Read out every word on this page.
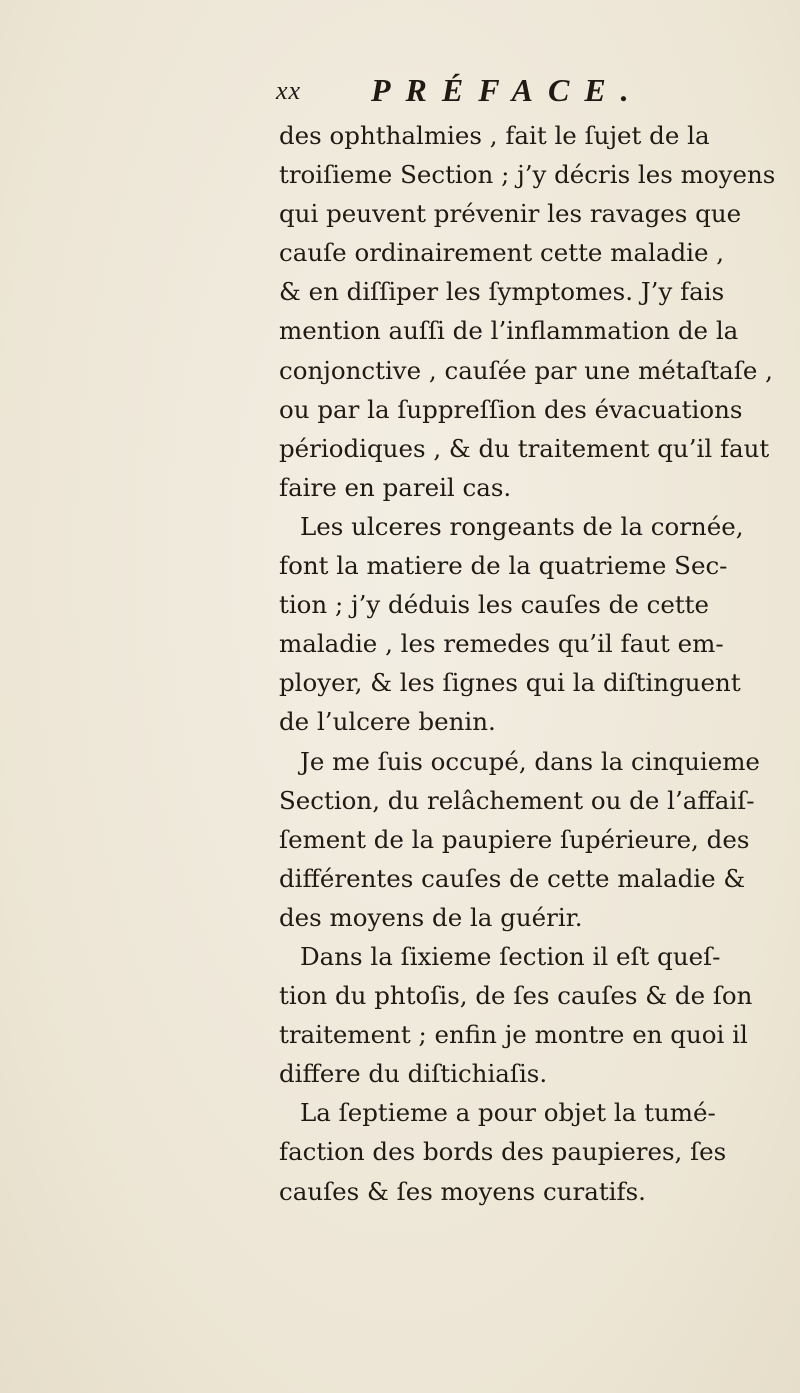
xx PRÉFACE.
des ophthalmies , fait le ſujet de la
troiſieme Section ; j’y décris les moyens
qui peuvent prévenir les ravages que
cauſe ordinairement cette maladie ,
& en diſſiper les ſymptomes. J’y fais
mention auſſi de l’inflammation de la
conjonctive , cauſée par une métaſtaſe ,
ou par la ſuppreſſion des évacuations
périodiques , & du traitement qu’il faut
faire en pareil cas.
Les ulceres rongeants de la cornée,
font la matiere de la quatrieme Sec-
tion ; j’y déduis les cauſes de cette
maladie , les remedes qu’il faut em-
ployer, & les ſignes qui la diſtinguent
de l’ulcere benin.
Je me ſuis occupé, dans la cinquieme
Section, du relâchement ou de l’affaiſ-
ſement de la paupiere ſupérieure, des
différentes cauſes de cette maladie &
des moyens de la guérir.
Dans la ſixieme ſection il eſt queſ-
tion du phtoſis, de ſes cauſes & de ſon
traitement ; enfin je montre en quoi il
differe du diſtichiaſis.
La ſeptieme a pour objet la tumé-
faction des bords des paupieres, ſes
cauſes & ſes moyens curatifs.
